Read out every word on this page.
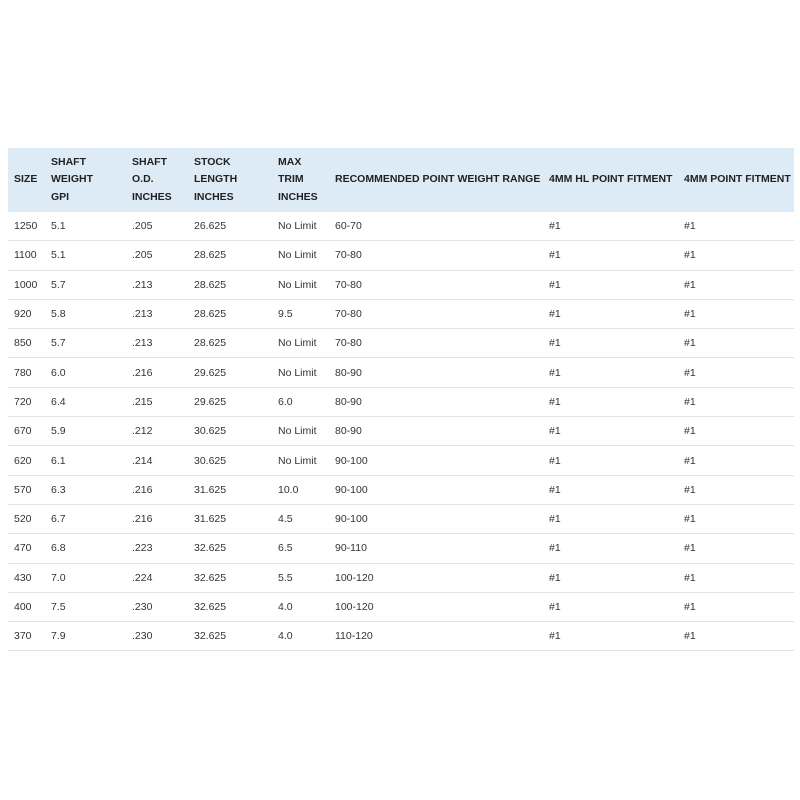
SIZE	SHAFT
WEIGHT
GPI	SHAFT
O.D.
INCHES	STOCK
LENGTH
INCHES	MAX
TRIM
INCHES	RECOMMENDED POINT WEIGHT RANGE	4MM HL POINT FITMENT	4MM POINT FITMENT

1250	5.1	.205	26.625	No Limit	60-70	#1	#1
1100	5.1	.205	28.625	No Limit	70-80	#1	#1
1000	5.7	.213	28.625	No Limit	70-80	#1	#1
920	5.8	.213	28.625	9.5	70-80	#1	#1
850	5.7	.213	28.625	No Limit	70-80	#1	#1
780	6.0	.216	29.625	No Limit	80-90	#1	#1
720	6.4	.215	29.625	6.0	80-90	#1	#1
670	5.9	.212	30.625	No Limit	80-90	#1	#1
620	6.1	.214	30.625	No Limit	90-100	#1	#1
570	6.3	.216	31.625	10.0	90-100	#1	#1
520	6.7	.216	31.625	4.5	90-100	#1	#1
470	6.8	.223	32.625	6.5	90-110	#1	#1
430	7.0	.224	32.625	5.5	100-120	#1	#1
400	7.5	.230	32.625	4.0	100-120	#1	#1
370	7.9	.230	32.625	4.0	110-120	#1	#1
